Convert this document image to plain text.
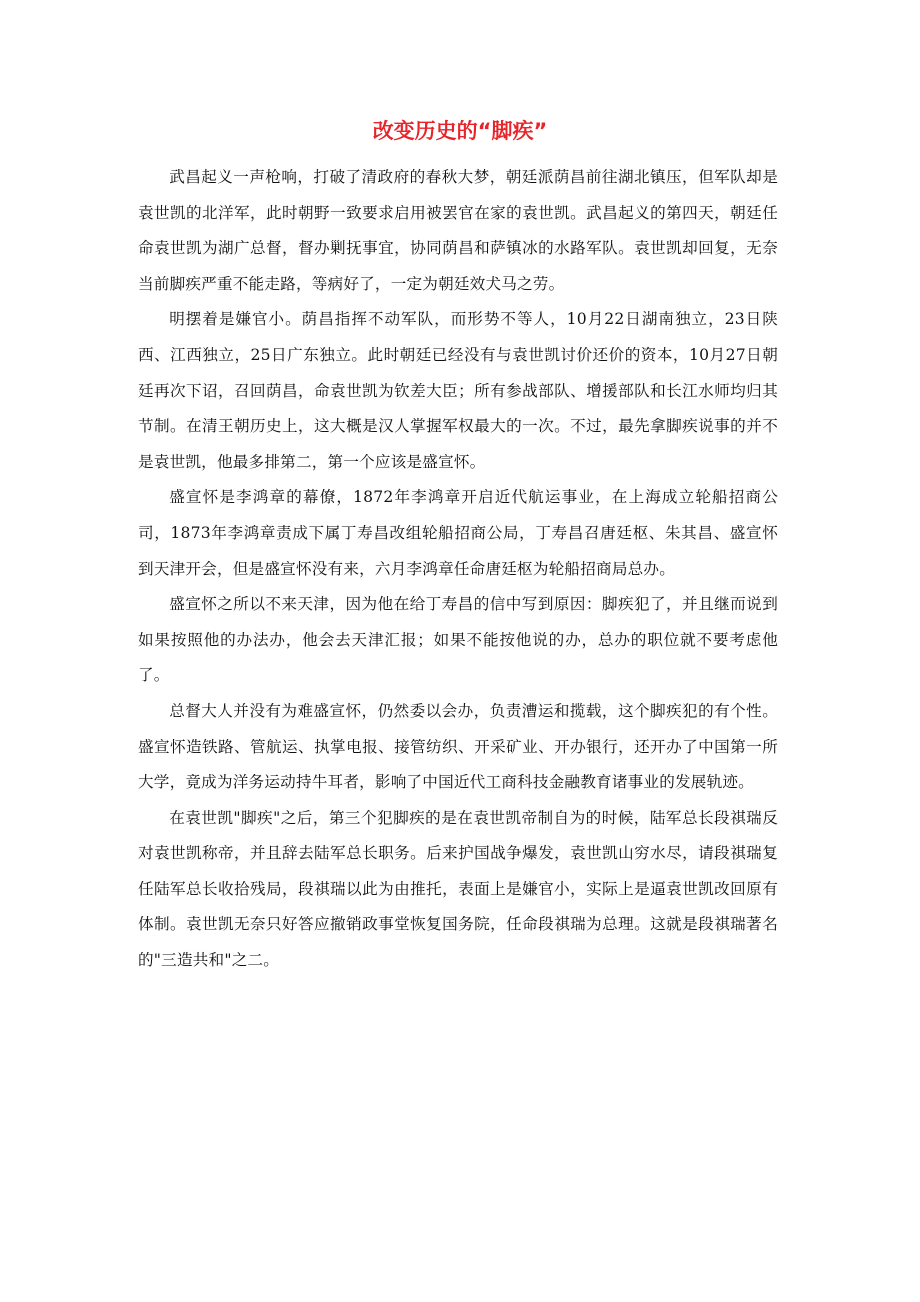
改变历史的“脚疾”

武昌起义一声枪响，打破了清政府的春秋大梦，朝廷派荫昌前往湖北镇压，但军队却是袁世凯的北洋军，此时朝野一致要求启用被罢官在家的袁世凯。武昌起义的第四天，朝廷任命袁世凯为湖广总督，督办剿抚事宜，协同荫昌和萨镇冰的水路军队。袁世凯却回复，无奈当前脚疾严重不能走路，等病好了，一定为朝廷效犬马之劳。

明摆着是嫌官小。荫昌指挥不动军队，而形势不等人，10月22日湖南独立，23日陕西、江西独立，25日广东独立。此时朝廷已经没有与袁世凯讨价还价的资本，10月27日朝廷再次下诏，召回荫昌，命袁世凯为钦差大臣；所有参战部队、增援部队和长江水师均归其节制。在清王朝历史上，这大概是汉人掌握军权最大的一次。不过，最先拿脚疾说事的并不是袁世凯，他最多排第二，第一个应该是盛宣怀。

盛宣怀是李鸿章的幕僚，1872年李鸿章开启近代航运事业，在上海成立轮船招商公司，1873年李鸿章责成下属丁寿昌改组轮船招商公局，丁寿昌召唐廷枢、朱其昌、盛宣怀到天津开会，但是盛宣怀没有来，六月李鸿章任命唐廷枢为轮船招商局总办。

盛宣怀之所以不来天津，因为他在给丁寿昌的信中写到原因：脚疾犯了，并且继而说到如果按照他的办法办，他会去天津汇报；如果不能按他说的办，总办的职位就不要考虑他了。

总督大人并没有为难盛宣怀，仍然委以会办，负责漕运和揽载，这个脚疾犯的有个性。盛宣怀造铁路、管航运、执掌电报、接管纺织、开采矿业、开办银行，还开办了中国第一所大学，竟成为洋务运动持牛耳者，影响了中国近代工商科技金融教育诸事业的发展轨迹。

在袁世凯"脚疾"之后，第三个犯脚疾的是在袁世凯帝制自为的时候，陆军总长段祺瑞反对袁世凯称帝，并且辞去陆军总长职务。后来护国战争爆发，袁世凯山穷水尽，请段祺瑞复任陆军总长收拾残局，段祺瑞以此为由推托，表面上是嫌官小，实际上是逼袁世凯改回原有体制。袁世凯无奈只好答应撤销政事堂恢复国务院，任命段祺瑞为总理。这就是段祺瑞著名的"三造共和"之二。
